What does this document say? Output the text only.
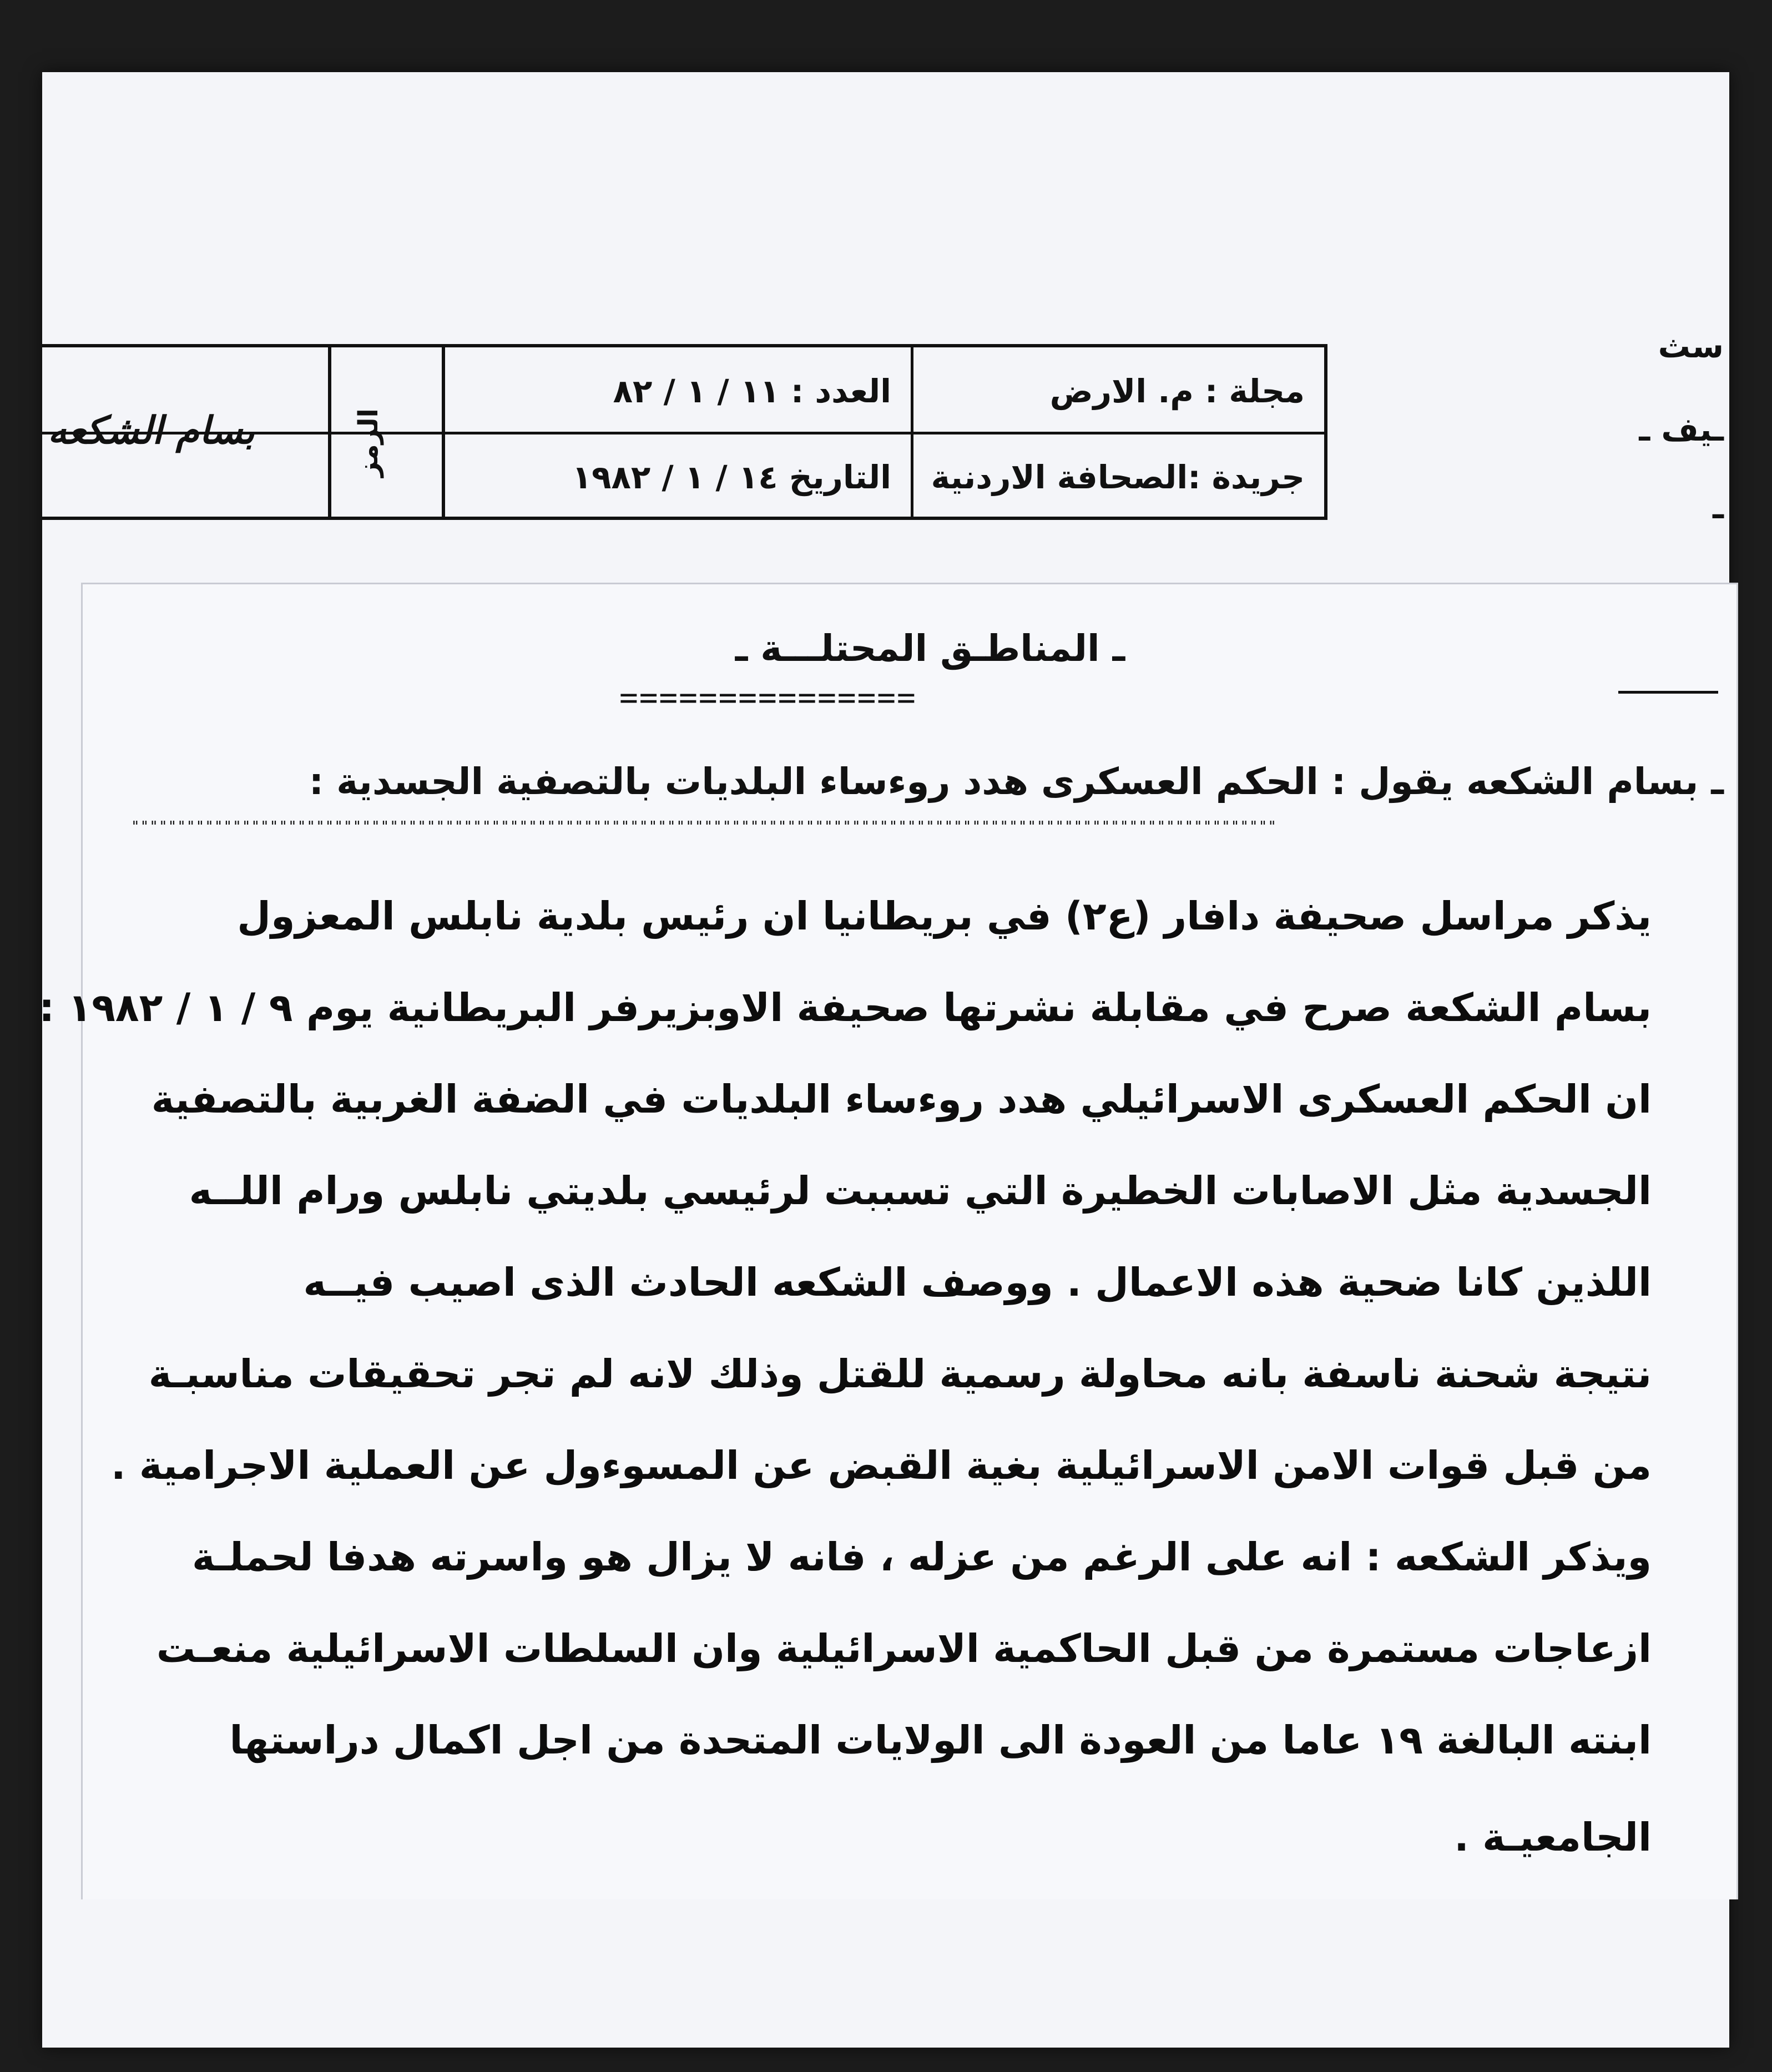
مجلة : م. الارض
العدد : ١١ / ١ / ٨٢
جريدة :الصحافة الاردنية
التاريخ ١٤ / ١ / ١٩٨٢
الرمز
بسام الشكعه
سث
ـيف ـ
ـ
ـ المناطـق المحتلـــة ـ
===============
ـ بسام الشكعه يقول : الحكم العسكرى هدد روءساء البلديات بالتصفية الجسدية :
""""""""""""""""""""""""""""""""""""""""""""""""""""""""""""""""""""""""""""""""""""""""""""""""""""""""""""""""""""""""""""
يذكر مراسل صحيفة دافار (ع٢) في بريطانيا ان رئيس بلدية نابلس المعزول
بسام الشكعة صرح في مقابلة نشرتها صحيفة الاوبزيرفر البريطانية يوم ٩ / ١ / ١٩٨٢ :
ان الحكم العسكرى الاسرائيلي هدد روءساء البلديات في الضفة الغربية بالتصفية
الجسدية مثل الاصابات الخطيرة التي تسببت لرئيسي بلديتي نابلس ورام اللــه
اللذين كانا ضحية هذه الاعمال . ووصف الشكعه الحادث الذى اصيب فيــه
نتيجة شحنة ناسفة بانه محاولة رسمية للقتل وذلك لانه لم تجر تحقيقات مناسبـة
من قبل قوات الامن الاسرائيلية بغية القبض عن المسوءول عن العملية الاجرامية .
ويذكر الشكعه : انه على الرغم من عزله ، فانه لا يزال هو واسرته هدفا لحملـة
ازعاجات مستمرة من قبل الحاكمية الاسرائيلية وان السلطات الاسرائيلية منعـت
ابنته البالغة ١٩ عاما من العودة الى الولايات المتحدة من اجل اكمال دراستها
الجامعيـة .
